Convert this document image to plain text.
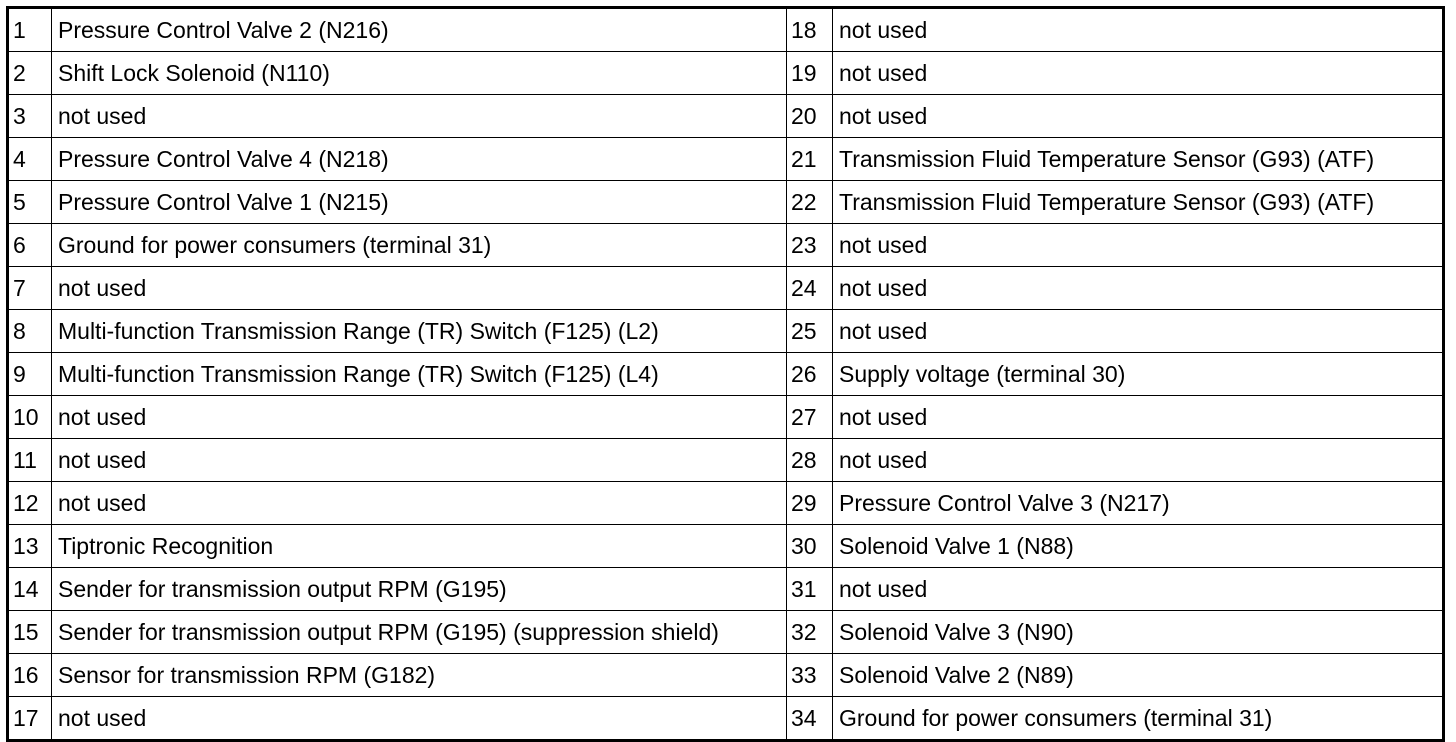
1	Pressure Control Valve 2 (N216)	18	not used
2	Shift Lock Solenoid (N110)	19	not used
3	not used	20	not used
4	Pressure Control Valve 4 (N218)	21	Transmission Fluid Temperature Sensor (G93) (ATF)
5	Pressure Control Valve 1 (N215)	22	Transmission Fluid Temperature Sensor (G93) (ATF)
6	Ground for power consumers (terminal 31)	23	not used
7	not used	24	not used
8	Multi-function Transmission Range (TR) Switch (F125) (L2)	25	not used
9	Multi-function Transmission Range (TR) Switch (F125) (L4)	26	Supply voltage (terminal 30)
10	not used	27	not used
11	not used	28	not used
12	not used	29	Pressure Control Valve 3 (N217)
13	Tiptronic Recognition	30	Solenoid Valve 1 (N88)
14	Sender for transmission output RPM (G195)	31	not used
15	Sender for transmission output RPM (G195) (suppression shield)	32	Solenoid Valve 3 (N90)
16	Sensor for transmission RPM (G182)	33	Solenoid Valve 2 (N89)
17	not used	34	Ground for power consumers (terminal 31)
